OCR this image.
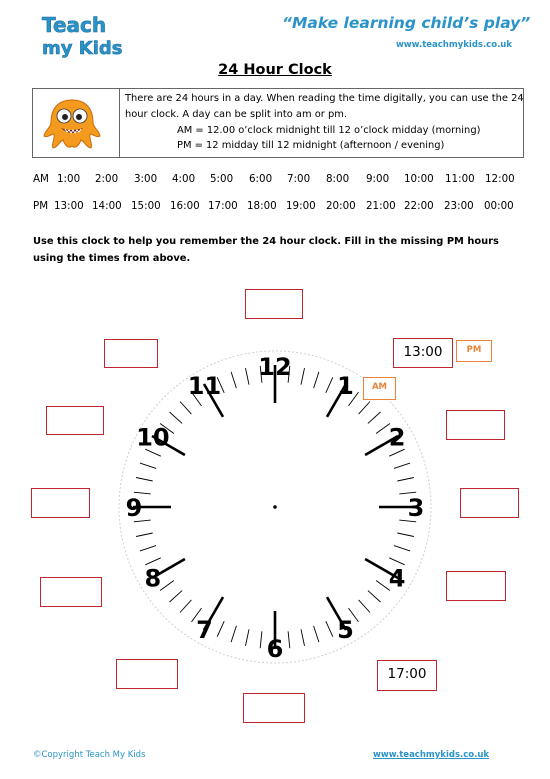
Teach
my Kids
“Make learning child’s play”
www.teachmykids.co.uk
24 Hour Clock
There are 24 hours in a day. When reading the time digitally, you can use the 24
hour clock. A day can be split into am or pm.
AM = 12.00 o’clock midnight till 12 o’clock midday (morning)
PM = 12 midday till 12 midnight (afternoon / evening)
AM 1:00 2:00 3:00 4:00 5:00 6:00 7:00 8:00 9:00 10:00 11:00 12:00
PM 13:00 14:00 15:00 16:00 17:00 18:00 19:00 20:00 21:00 22:00 23:00 00:00
Use this clock to help you remember the 24 hour clock. Fill in the missing PM hours
using the times from above.
12
1
2
3
4
5
6
7
8
9
10
11
13:00
17:00
AM
PM
©Copyright Teach My Kids	www.teachmykids.co.uk
